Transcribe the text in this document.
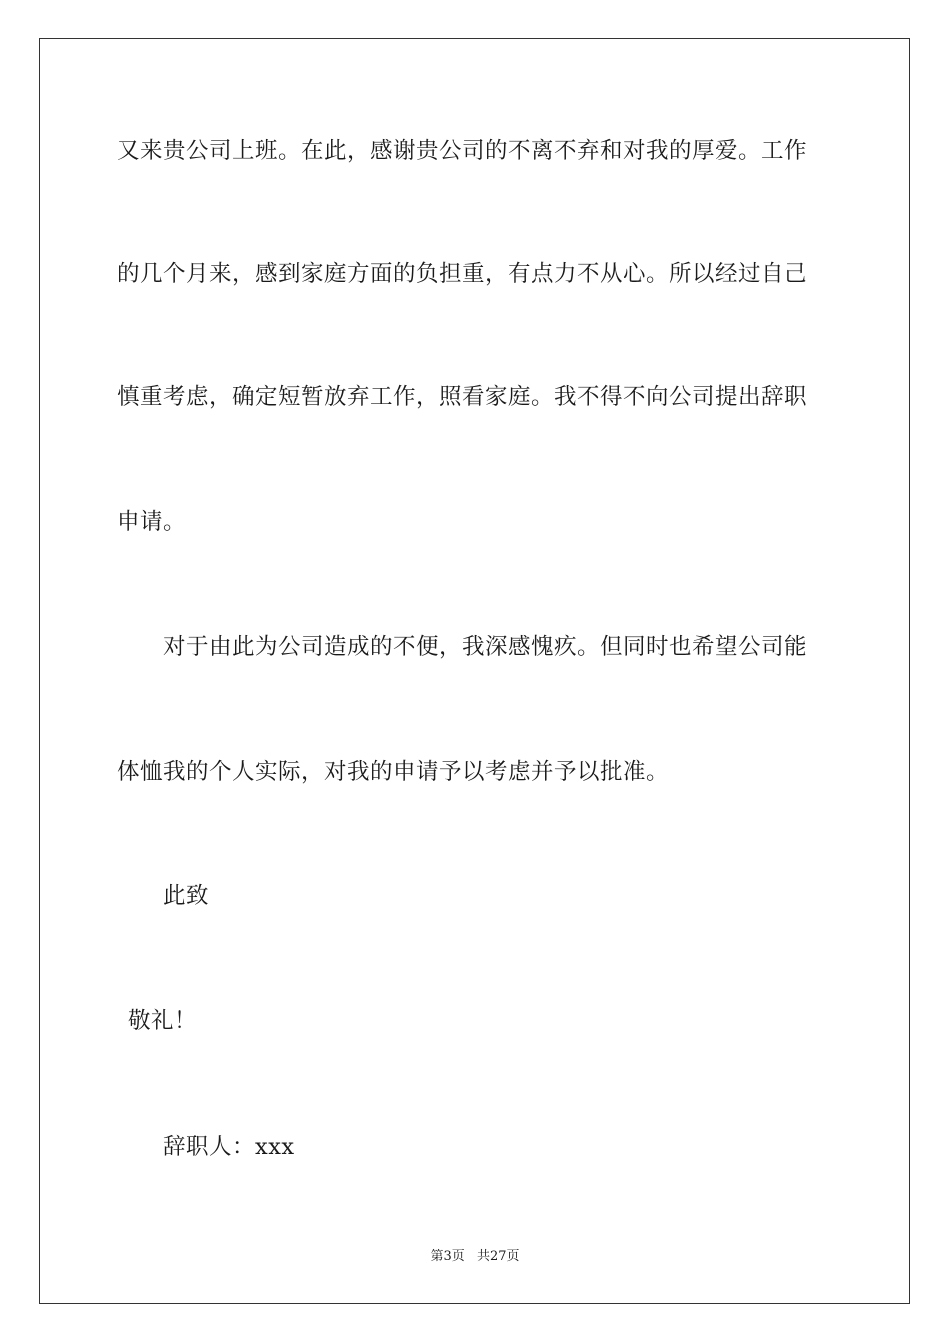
又来贵公司上班。在此，感谢贵公司的不离不弃和对我的厚爱。工作
的几个月来，感到家庭方面的负担重，有点力不从心。所以经过自己
慎重考虑，确定短暂放弃工作，照看家庭。我不得不向公司提出辞职
申请。
对于由此为公司造成的不便，我深感愧疚。但同时也希望公司能
体恤我的个人实际，对我的申请予以考虑并予以批准。
此致
敬礼！
辞职人：xxx
第3页 共27页
